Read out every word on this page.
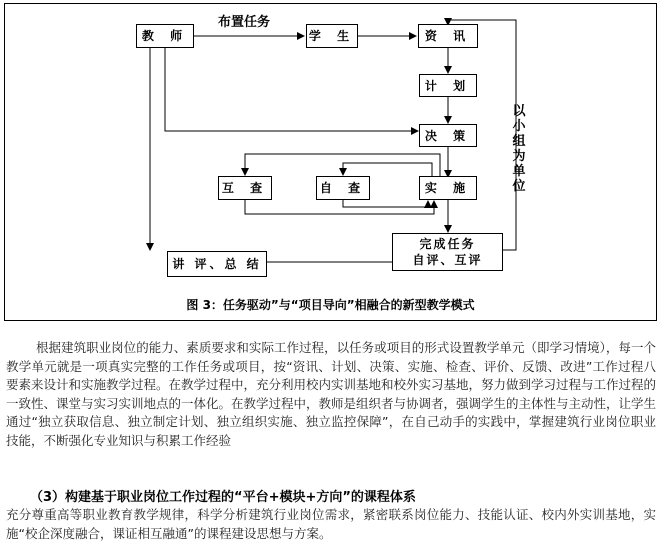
教 师	学 生	资 讯
计 划
决 策
互 查	自 查	实 施
完成任务
自评、互评
讲 评、总 结
布置任务
以小组为单位
图 3：任务驱动”与“项目导向”相融合的新型教学模式
根据建筑职业岗位的能力、素质要求和实际工作过程，以任务或项目的形式设置教学单元（即学习情境），每一个教学单元就是一项真实完整的工作任务或项目，按“资讯、计划、决策、实施、检查、评价、反馈、改进”工作过程八要素来设计和实施教学过程。在教学过程中，充分利用校内实训基地和校外实习基地，努力做到学习过程与工作过程的一致性、课堂与实习实训地点的一体化。在教学过程中，教师是组织者与协调者，强调学生的主体性与主动性，让学生通过“独立获取信息、独立制定计划、独立组织实施、独立监控保障”，在自己动手的实践中，掌握建筑行业岗位职业技能，不断强化专业知识与积累工作经验
（3）构建基于职业岗位工作过程的“平台+模块+方向”的课程体系
充分尊重高等职业教育教学规律，科学分析建筑行业岗位需求，紧密联系岗位能力、技能认证、校内外实训基地，实施“校企深度融合，课证相互融通”的课程建设思想与方案。
